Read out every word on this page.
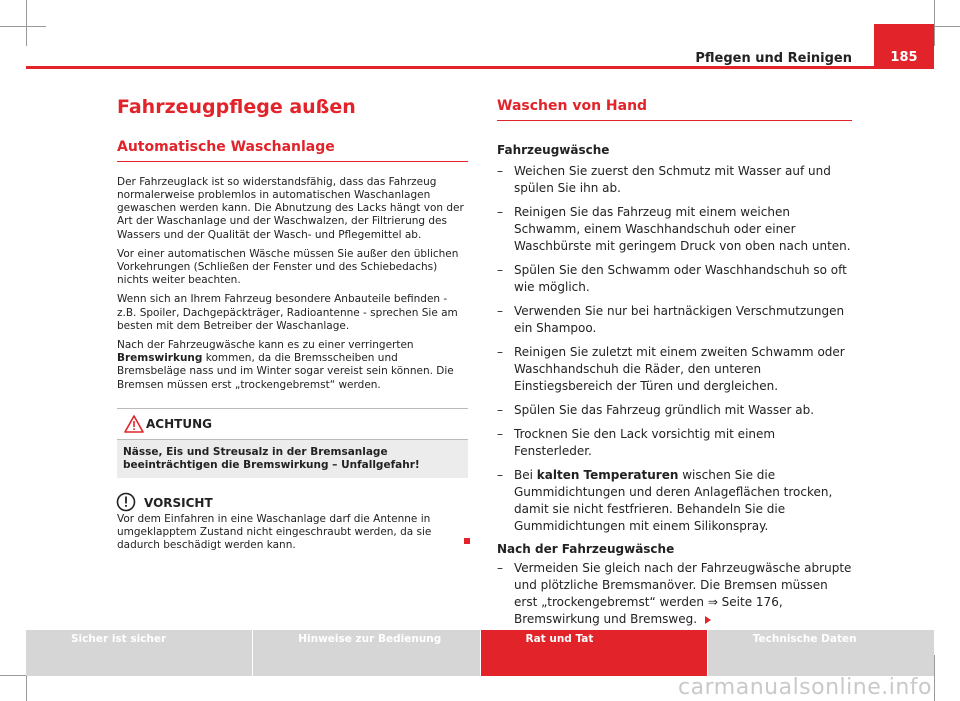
185
Pflegen und Reinigen
Fahrzeugpflege außen
Automatische Waschanlage

Der Fahrzeuglack ist so widerstandsfähig, dass das Fahrzeug normalerweise problemlos in automatischen Waschanlagen gewaschen werden kann. Die Abnutzung des Lacks hängt von der Art der Waschanlage und der Waschwalzen, der Filtrierung des Wassers und der Qualität der Wasch- und Pflegemittel ab.

Vor einer automatischen Wäsche müssen Sie außer den üblichen Vorkehrungen (Schließen der Fenster und des Schiebedachs) nichts weiter beachten.

Wenn sich an Ihrem Fahrzeug besondere Anbauteile befinden - z.B. Spoiler, Dachgepäckträger, Radioantenne - sprechen Sie am besten mit dem Betreiber der Waschanlage.

Nach der Fahrzeugwäsche kann es zu einer verringerten Bremswirkung kommen, da die Bremsscheiben und Bremsbeläge nass und im Winter sogar vereist sein können. Die Bremsen müssen erst „trockengebremst“ werden.

ACHTUNG
Nässe, Eis und Streusalz in der Bremsanlage beeinträchtigen die Bremswirkung – Unfallgefahr!
VORSICHT
Vor dem Einfahren in eine Waschanlage darf die Antenne in umgeklapptem Zustand nicht eingeschraubt werden, da sie dadurch beschädigt werden kann.
Waschen von Hand
Fahrzeugwäsche
– Weichen Sie zuerst den Schmutz mit Wasser auf und spülen Sie ihn ab.
– Reinigen Sie das Fahrzeug mit einem weichen Schwamm, einem Waschhandschuh oder einer Waschbürste mit geringem Druck von oben nach unten.
– Spülen Sie den Schwamm oder Waschhandschuh so oft wie möglich.
– Verwenden Sie nur bei hartnäckigen Verschmutzungen ein Shampoo.
– Reinigen Sie zuletzt mit einem zweiten Schwamm oder Waschhandschuh die Räder, den unteren Einstiegsbereich der Türen und dergleichen.
– Spülen Sie das Fahrzeug gründlich mit Wasser ab.
– Trocknen Sie den Lack vorsichtig mit einem Fensterleder.
– Bei kalten Temperaturen wischen Sie die Gummidichtungen und deren Anlageflächen trocken, damit sie nicht festfrieren. Behandeln Sie die Gummidichtungen mit einem Silikonspray.
Nach der Fahrzeugwäsche
– Vermeiden Sie gleich nach der Fahrzeugwäsche abrupte und plötzliche Bremsmanöver. Die Bremsen müssen erst „trockengebremst“ werden ⇒ Seite 176, Bremswirkung und Bremsweg.
Sicher ist sicher	Hinweise zur Bedienung	Rat und Tat	Technische Daten
carmanualsonline.info
